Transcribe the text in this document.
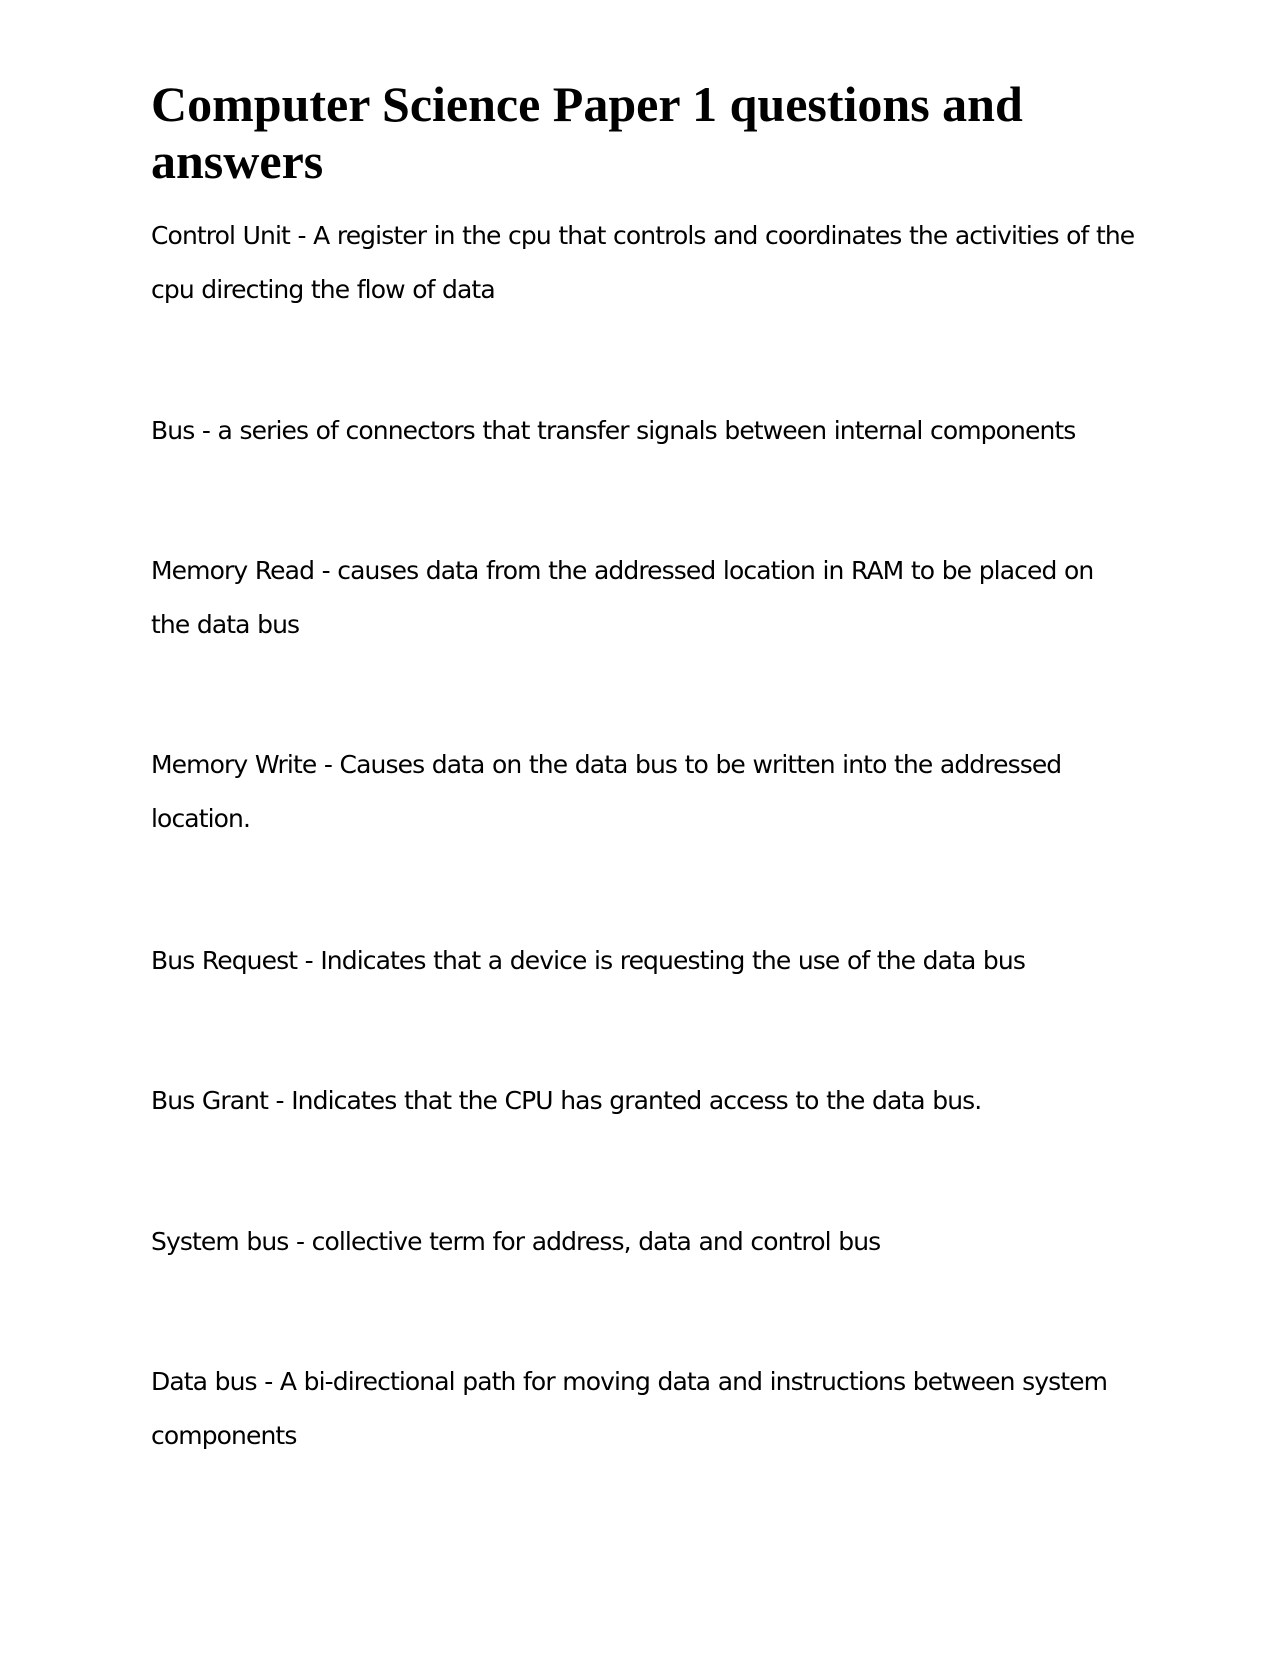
Computer Science Paper 1 questions and answers

Control Unit - A register in the cpu that controls and coordinates the activities of the cpu directing the flow of data

Bus - a series of connectors that transfer signals between internal components

Memory Read - causes data from the addressed location in RAM to be placed on the data bus

Memory Write - Causes data on the data bus to be written into the addressed location.

Bus Request - Indicates that a device is requesting the use of the data bus

Bus Grant - Indicates that the CPU has granted access to the data bus.

System bus - collective term for address, data and control bus

Data bus - A bi-directional path for moving data and instructions between system components
